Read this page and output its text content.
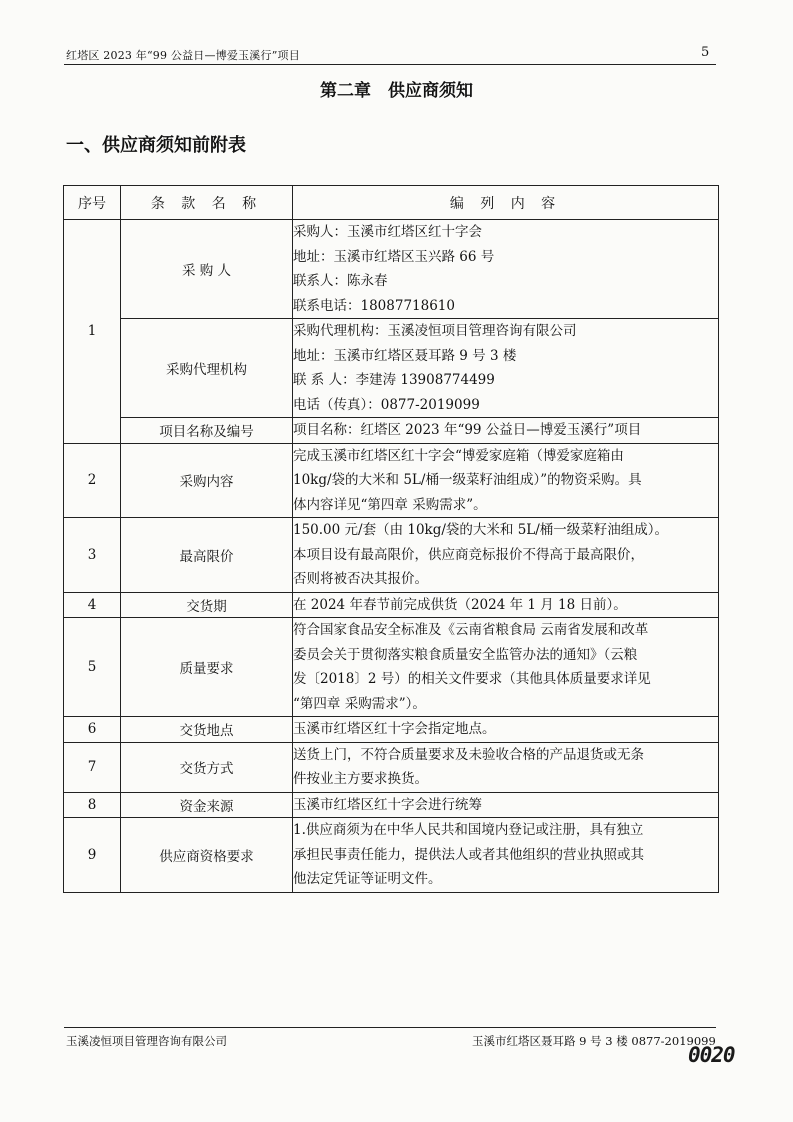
红塔区 2023 年“99 公益日—博爱玉溪行”项目	5
第二章　供应商须知
一、供应商须知前附表
序号	条 款 名 称	编 列 内 容
1	采 购 人	采购人：玉溪市红塔区红十字会
地址：玉溪市红塔区玉兴路 66 号
联系人：陈永春
联系电话：18087718610

	采购代理机构	采购代理机构：玉溪凌恒项目管理咨询有限公司
地址：玉溪市红塔区聂耳路 9 号 3 楼
联 系 人：李建涛 13908774499
电话（传真）：0877-2019099

	项目名称及编号	项目名称：红塔区 2023 年“99 公益日—博爱玉溪行”项目

2	采购内容	完成玉溪市红塔区红十字会“博爱家庭箱（博爱家庭箱由
10kg/袋的大米和 5L/桶一级菜籽油组成）”的物资采购。具
体内容详见“第四章 采购需求”。

3	最高限价	150.00 元/套（由 10kg/袋的大米和 5L/桶一级菜籽油组成）。
本项目设有最高限价，供应商竞标报价不得高于最高限价，
否则将被否决其报价。

4	交货期	在 2024 年春节前完成供货（2024 年 1 月 18 日前）。

5	质量要求	符合国家食品安全标准及《云南省粮食局 云南省发展和改革
委员会关于贯彻落实粮食质量安全监管办法的通知》（云粮
发〔2018〕2 号）的相关文件要求（其他具体质量要求详见
“第四章 采购需求”）。

6	交货地点	玉溪市红塔区红十字会指定地点。

7	交货方式	送货上门，不符合质量要求及未验收合格的产品退货或无条
件按业主方要求换货。

8	资金来源	玉溪市红塔区红十字会进行统筹

9	供应商资格要求	1.供应商须为在中华人民共和国境内登记或注册，具有独立
承担民事责任能力，提供法人或者其他组织的营业执照或其
他法定凭证等证明文件。
玉溪凌恒项目管理咨询有限公司	玉溪市红塔区聂耳路 9 号 3 楼 0877-2019099
0020
